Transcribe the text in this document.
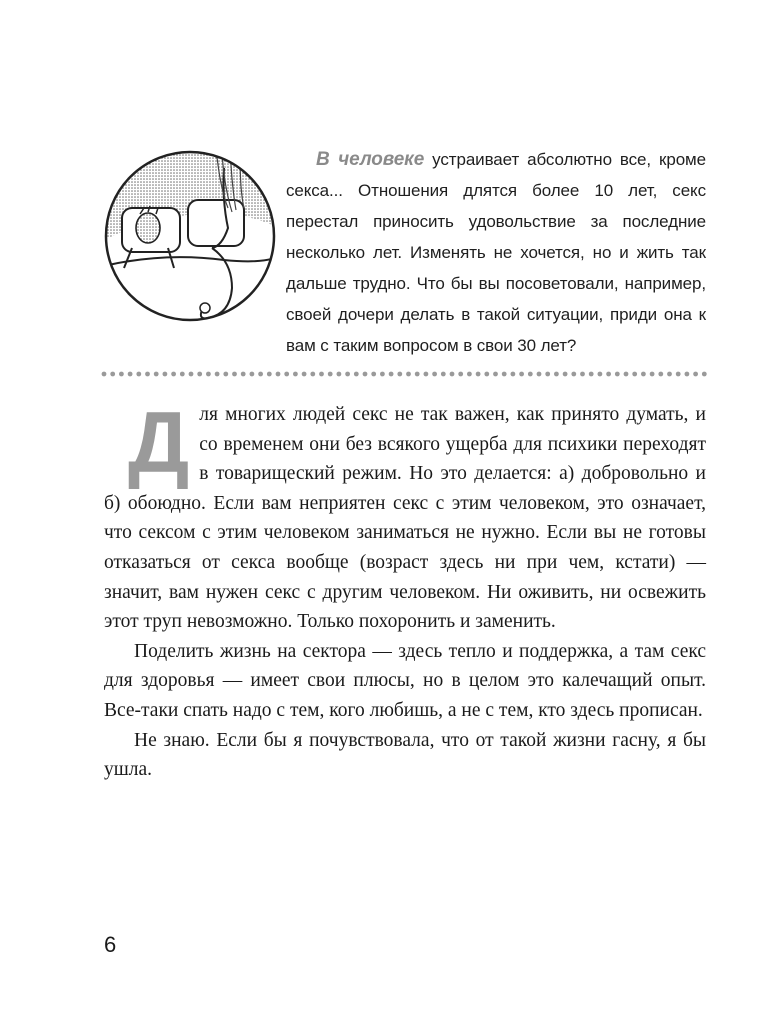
В человеке устраивает абсолютно все, кроме секса... Отношения длятся более 10 лет, секс перестал приносить удовольствие за последние несколько лет. Изменять не хочется, но и жить так дальше трудно. Что бы вы посоветовали, например, своей дочери делать в такой ситуации, приди она к вам с таким вопросом в свои 30 лет?

Для многих людей секс не так важен, как принято думать, и со временем они без всякого ущерба для психики переходят в товарищеский режим. Но это делается: а) добровольно и б) обоюдно. Если вам неприятен секс с этим человеком, это означает, что сексом с этим человеком заниматься не нужно. Если вы не готовы отказаться от секса вообще (возраст здесь ни при чем, кстати) — значит, вам нужен секс с другим человеком. Ни оживить, ни освежить этот труп невозможно. Только похоронить и заменить.

Поделить жизнь на сектора — здесь тепло и поддержка, а там секс для здоровья — имеет свои плюсы, но в целом это калечащий опыт. Все-таки спать надо с тем, кого любишь, а не с тем, кто здесь прописан.

Не знаю. Если бы я почувствовала, что от такой жизни гасну, я бы ушла.

6
